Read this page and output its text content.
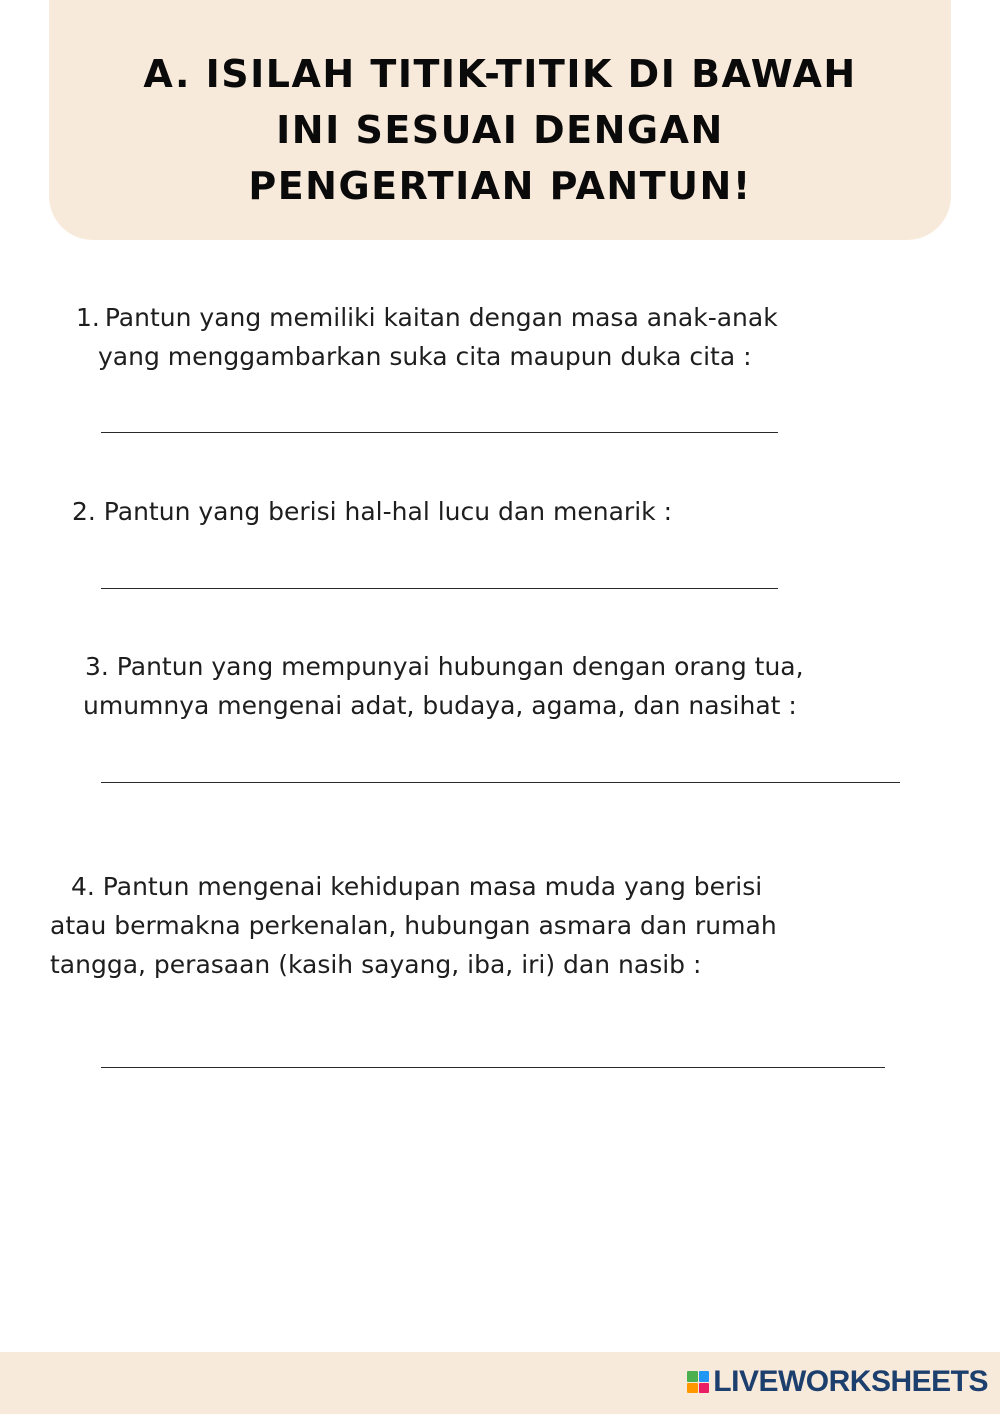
A. ISILAH TITIK-TITIK DI BAWAH
INI SESUAI DENGAN
PENGERTIAN PANTUN!
1. Pantun yang memiliki kaitan dengan masa anak-anak
yang menggambarkan suka cita maupun duka cita :
2. Pantun yang berisi hal-hal lucu dan menarik :
3. Pantun yang mempunyai hubungan dengan orang tua,
umumnya mengenai adat, budaya, agama, dan nasihat :
4. Pantun mengenai kehidupan masa muda yang berisi
atau bermakna perkenalan, hubungan asmara dan rumah
tangga, perasaan (kasih sayang, iba, iri) dan nasib :
LIVEWORKSHEETS
